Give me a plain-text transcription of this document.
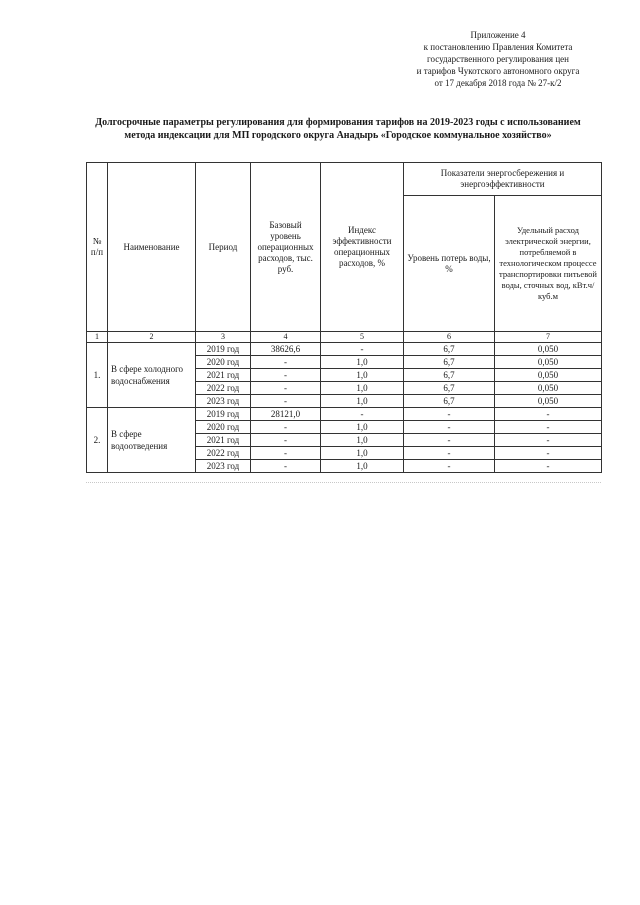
Приложение 4
к постановлению Правления Комитета
государственного регулирования цен
и тарифов Чукотского автономного округа
от 17 декабря 2018 года № 27-к/2
Долгосрочные параметры регулирования для формирования тарифов на 2019-2023 годы с использованием
метода индексации для МП городского округа Анадырь «Городское коммунальное хозяйство»
№ п/п	Наименование	Период	Базовый уровень операционных расходов, тыс. руб.	Индекс эффективности операционных расходов, %	Показатели энергосбережения и энергоэффективности	
					Уровень потерь воды, %	Удельный расход электрической энергии, потребляемой в технологическом процессе транспортировки питьевой воды, сточных вод, кВт.ч/куб.м
1	2	3	4	5	6	7
1.	В сфере холодного водоснабжения	2019 год	38626,6	-	6,7	0,050
		2020 год	-	1,0	6,7	0,050
		2021 год	-	1,0	6,7	0,050
		2022 год	-	1,0	6,7	0,050
		2023 год	-	1,0	6,7	0,050
2.	В сфере водоотведения	2019 год	28121,0	-	-	-
		2020 год	-	1,0	-	-
		2021 год	-	1,0	-	-
		2022 год	-	1,0	-	-
		2023 год	-	1,0	-	-
